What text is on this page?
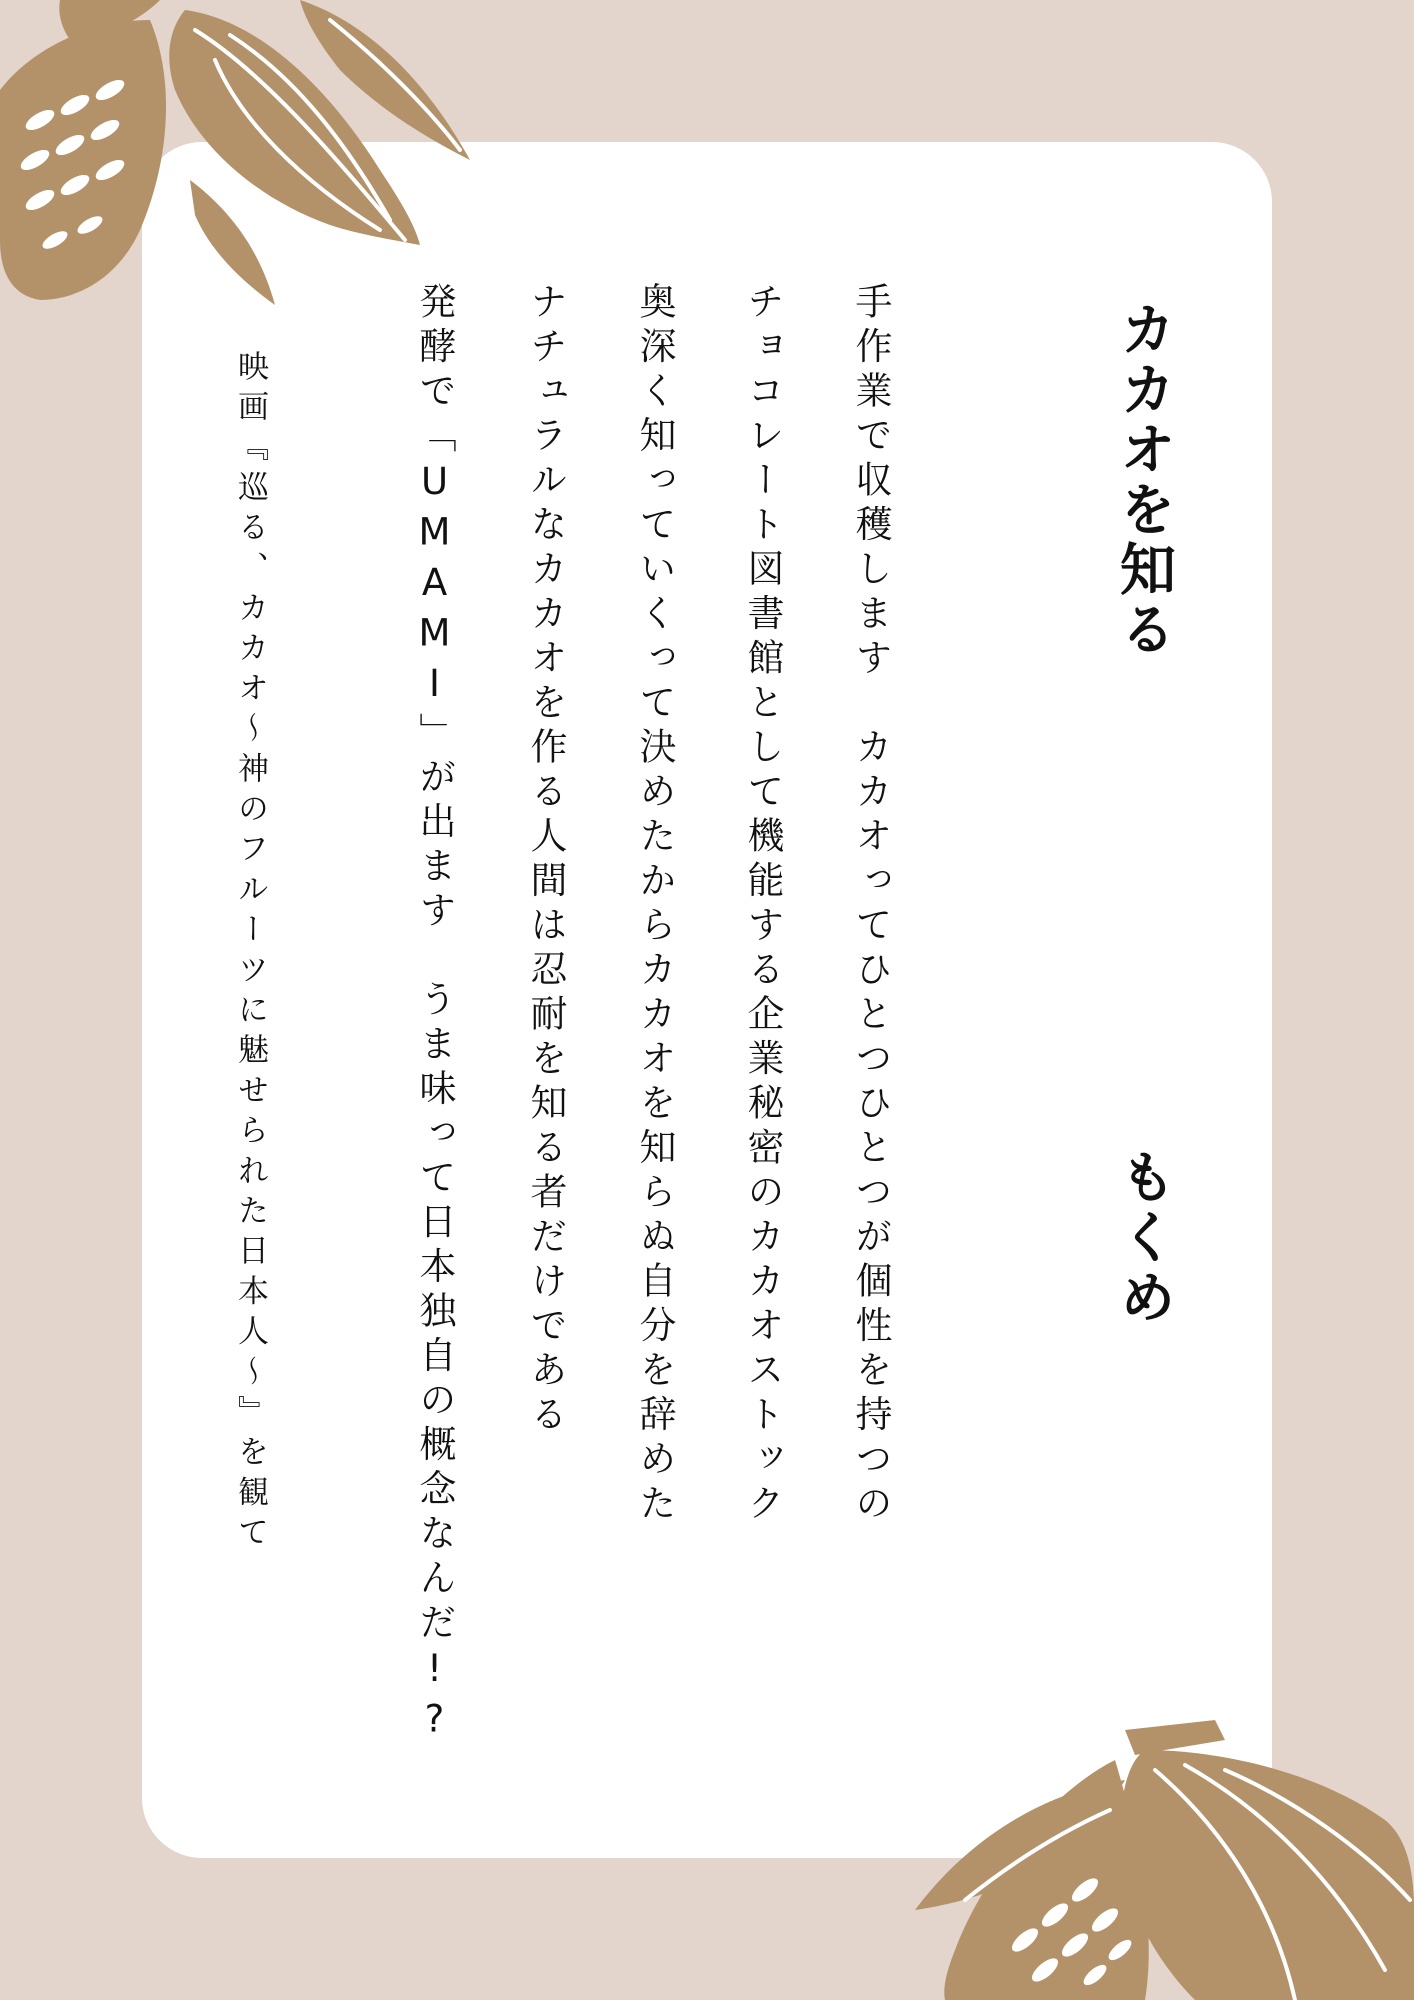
カカオを知る
もくめ
手作業で収穫します　カカオってひとつひとつが個性を持つの
チョコレート図書館として機能する企業秘密のカカオストック
奥深く知っていくって決めたからカカオを知らぬ自分を辞めた
ナチュラルなカカオを作る人間は忍耐を知る者だけである
発酵で「UMAMI」が出ます　うま味って日本独自の概念なんだ!?
映画『巡る、カカオ〜神のフルーツに魅せられた日本人〜』を観て
